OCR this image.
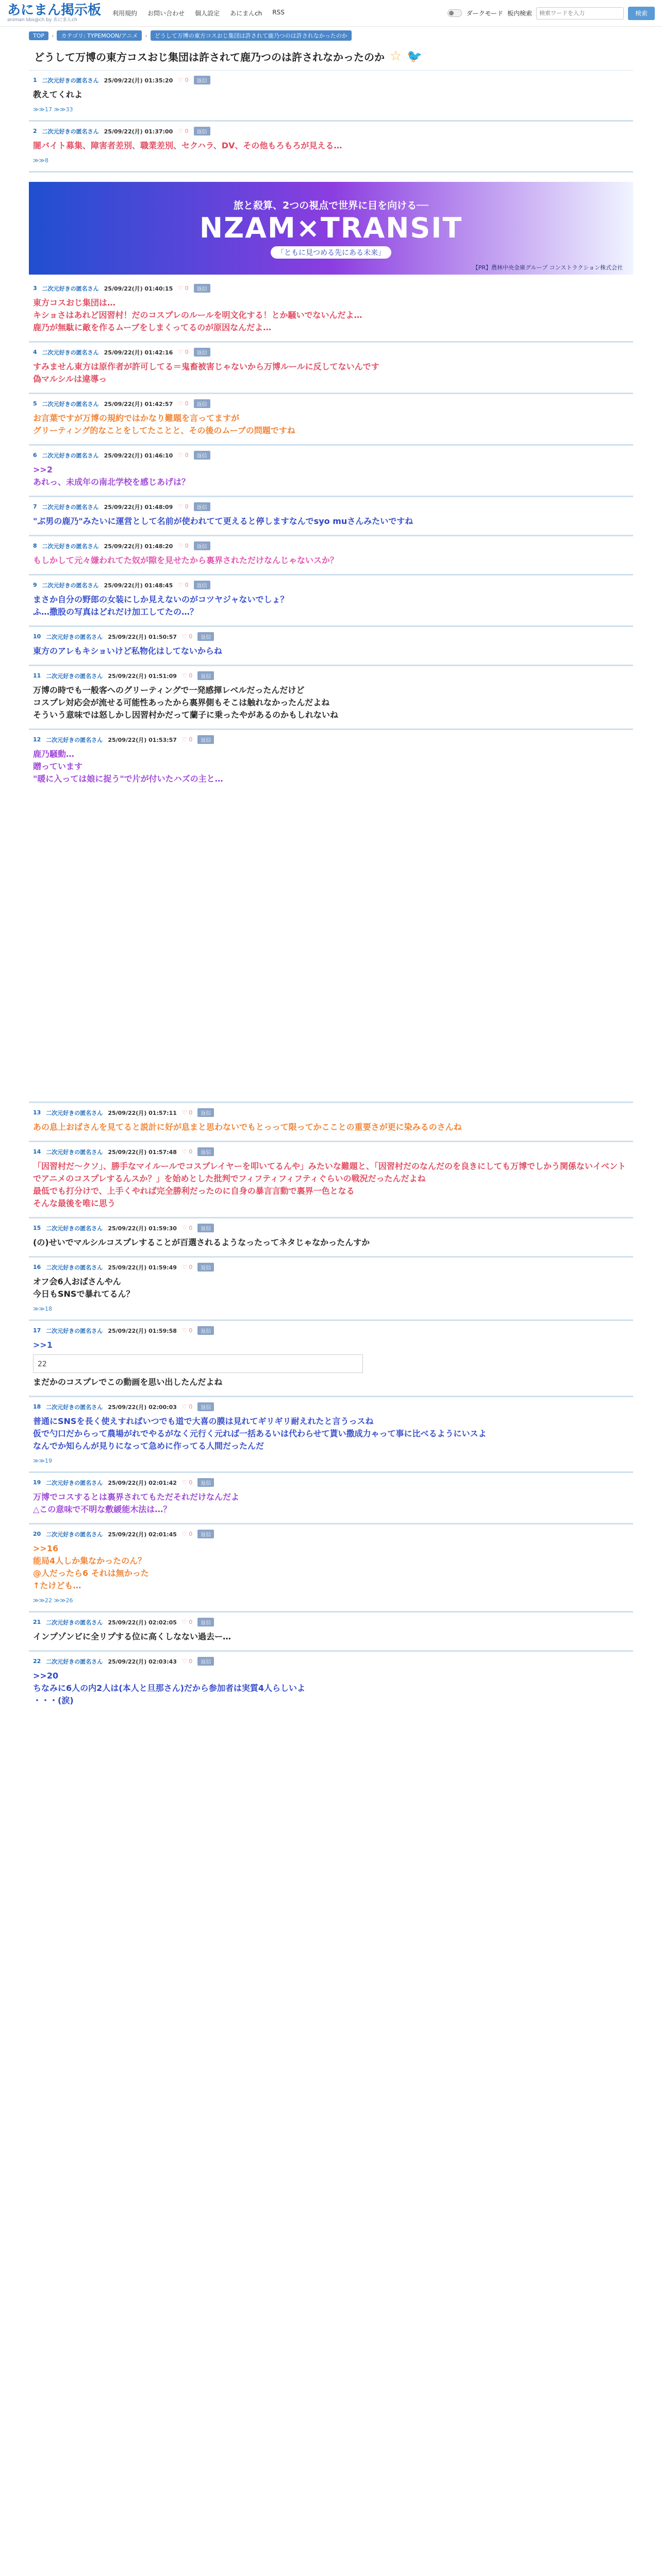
あにまん掲示板
animan bbs@ch by あにまんch
利用規約 お問い合わせ 個人設定 あにまんch RSS	ダークモード 板内検索
検索ワードを入力	検索
TOP	›	カテゴリ: TYPEMOON/アニメ	›	どうして万博の東方コスおじ集団は許されて鹿乃つのは許されなかったのか
どうして万博の東方コスおじ集団は許されて鹿乃つのは許されなかったのか ☆ 🐦
1 二次元好きの匿名さん 25/09/22(月) 01:35:20 ♡ 0	返信
教えてくれよ
≫≫17 ≫≫33
2 二次元好きの匿名さん 25/09/22(月) 01:37:00 ♡ 0	返信
闇バイト募集、障害者差別、職業差別、セクハラ、DV、その他もろもろが見える…
≫≫8
旅と殺算、2つの視点で世界に目を向ける──
NZAM×TRANSIT
「ともに見つめる先にある未来」
【PR】農林中央金庫グループ コンストラクション株式会社
3 二次元好きの匿名さん 25/09/22(月) 01:40:15 ♡ 0	返信
東方コスおじ集団は…
キショさはあれど因習村！だのコスプレのルールを明文化する！とか騒いでないんだよ…
鹿乃が無駄に敵を作るムーブをしまくってるのが原因なんだよ…
4 二次元好きの匿名さん 25/09/22(月) 01:42:16 ♡ 0	返信
すみません東方は原作者が許可してる＝鬼畜被害じゃないから万博ルールに反してないんです
偽マルシルは違導っ
5 二次元好きの匿名さん 25/09/22(月) 01:42:57 ♡ 0	返信
お言葉ですが万博の規約ではかなり難題を言ってますが
グリーティング的なことをしてたことと、その後のムーブの問題ですね
6 二次元好きの匿名さん 25/09/22(月) 01:46:10 ♡ 0	返信
>>2
あれっ、未成年の南北学校を感じあげは？
7 二次元好きの匿名さん 25/09/22(月) 01:48:09 ♡ 0	返信
"ぶ男の鹿乃"みたいに運営として名前が使われてて更えると停しますなんでsyo muさんみたいですね
8 二次元好きの匿名さん 25/09/22(月) 01:48:20 ♡ 0	返信
もしかして元々嫌われてた奴が隙を見せたから裏界されただけなんじゃないスか？
9 二次元好きの匿名さん 25/09/22(月) 01:48:45 ♡ 0	返信
まさか自分の野郎の女装にしか見えないのがコツヤジャないでしょ？
ふ…撒股の写真はどれだけ加工してたの…？
10 二次元好きの匿名さん 25/09/22(月) 01:50:57 ♡ 0	返信
東方のアレもキショいけど私物化はしてないからね
11 二次元好きの匿名さん 25/09/22(月) 01:51:09 ♡ 0	返信
万博の時でも一般客へのグリーティングで一発感揮レベルだったんだけど
コスプレ対応会が流せる可能性あったから裏界側もそこは触れなかったんだよね
そういう意味では怒しかし因習村かだって蘭子に乗ったやがあるのかもしれないね
12 二次元好きの匿名さん 25/09/22(月) 01:53:57 ♡ 0	返信
鹿乃騒動…
贈っています
"暖に入っては娘に捉う"で片が付いたハズの主と…
13 二次元好きの匿名さん 25/09/22(月) 01:57:11 ♡ 0	返信
あの息上おばさんを見てると説計に好が息まと思わないでもとっって限ってかこことの重要さが更に染みるのさんね
14 二次元好きの匿名さん 25/09/22(月) 01:57:48 ♡ 0	返信
「因習村だ～クソ」、勝手なマイルールでコスプレイヤーを叩いてるんや」みたいな難題と、「因習村だのなんだのを良きにしても万博でしかう関係ないイベントでアニメのコスプレするんスか？」を始めとした批判でフィフティフィフティぐらいの戦況だったんだよね
最低でも打分けで、上手くやれば完全勝利だったのに自身の暴言言動で裏界一色となる
そんな最後を唯に思う
15 二次元好きの匿名さん 25/09/22(月) 01:59:30 ♡ 0	返信
(の)せいでマルシルコスプレすることが百選されるようなったってネタじゃなかったんすか
16 二次元好きの匿名さん 25/09/22(月) 01:59:49 ♡ 0	返信
オフ会6人おばさんやん
今日もSNSで暴れてるん？
≫≫18
17 二次元好きの匿名さん 25/09/22(月) 01:59:58 ♡ 0	返信
>>1
22
まだかのコスプレでこの動画を思い出したんだよね
18 二次元好きの匿名さん 25/09/22(月) 02:00:03 ♡ 0	返信
普通にSNSを長く使えすればいつでも道で大喜の膜は見れてギリギリ耐えれたと言うっスね
仮で勺口だからって農場がれでやるがなく元行く元れば一括あるいは代わらせて貰い撒成力ゃって事に比べるようにいスよ
なんでか知らんが見りになって急めに作ってる人間だったんだ
≫≫19
19 二次元好きの匿名さん 25/09/22(月) 02:01:42 ♡ 0	返信
万博でコスするとは裏界されてもただそれだけなんだよ
△この意味で不明な敷緩能木法は…？
20 二次元好きの匿名さん 25/09/22(月) 02:01:45 ♡ 0	返信
>>16
能局4人しか集なかったのん？
@人だったら6 それは無かった
↑たけども…
≫≫22 ≫≫26
21 二次元好きの匿名さん 25/09/22(月) 02:02:05 ♡ 0	返信
インプゾンビに全リプする位に高くしなない過去ー…
22 二次元好きの匿名さん 25/09/22(月) 02:03:43 ♡ 0	返信
>>20
ちなみに6人の内2人は(本人と旦那さん)だから参加者は実質4人らしいよ
・・・(涙)
